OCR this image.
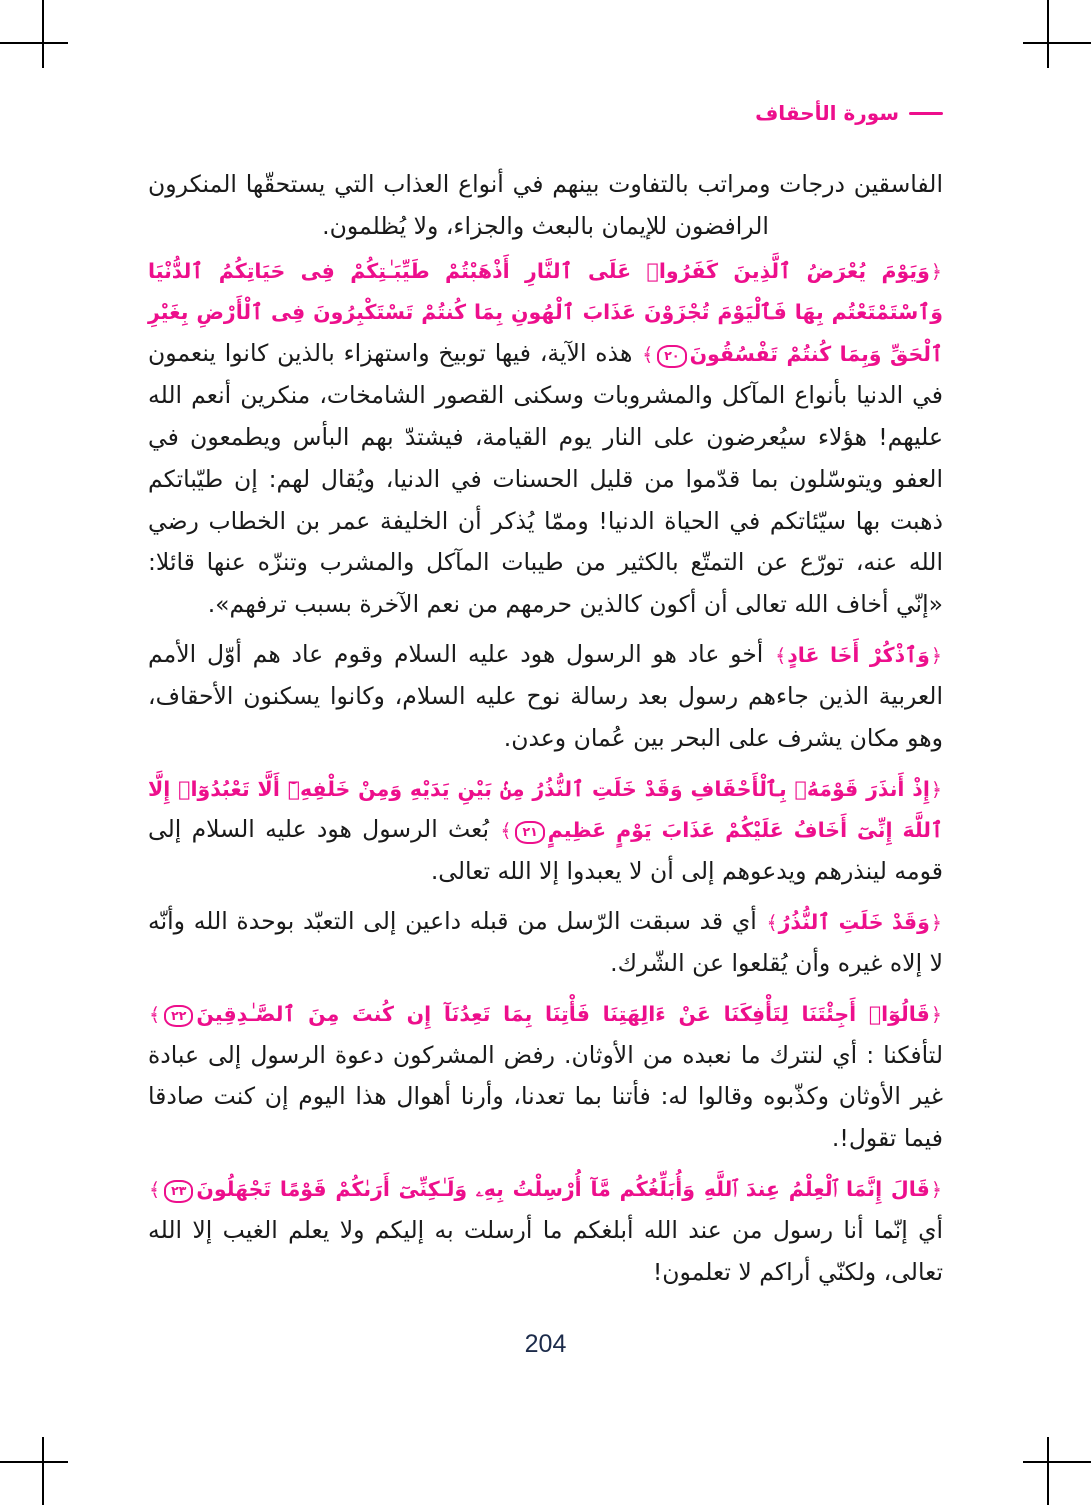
سورة الأحقاف

الفاسقين درجات ومراتب بالتفاوت بينهم في أنواع العذاب التي يستحقّها المنكرون الرافضون للإيمان بالبعث والجزاء، ولا يُظلمون.

﴿وَيَوْمَ يُعْرَضُ ٱلَّذِينَ كَفَرُوا۟ عَلَى ٱلنَّارِ أَذْهَبْتُمْ طَيِّبَـٰتِكُمْ فِى حَيَاتِكُمُ ٱلدُّنْيَا وَٱسْتَمْتَعْتُم بِهَا فَٱلْيَوْمَ تُجْزَوْنَ عَذَابَ ٱلْهُونِ بِمَا كُنتُمْ تَسْتَكْبِرُونَ فِى ٱلْأَرْضِ بِغَيْرِ ٱلْحَقِّ وَبِمَا كُنتُمْ تَفْسُقُونَ٢٠﴾ هذه الآية، فيها توبيخ واستهزاء بالذين كانوا ينعمون في الدنيا بأنواع المآكل والمشروبات وسكنى القصور الشامخات، منكرين أنعم الله عليهم! هؤلاء سيُعرضون على النار يوم القيامة، فيشتدّ بهم البأس ويطمعون في العفو ويتوسّلون بما قدّموا من قليل الحسنات في الدنيا، ويُقال لهم: إن طيّباتكم ذهبت بها سيّئاتكم في الحياة الدنيا! وممّا يُذكر أن الخليفة عمر بن الخطاب رضي الله عنه، تورّع عن التمتّع بالكثير من طيبات المآكل والمشرب وتنزّه عنها قائلا: «إنّي أخاف الله تعالى أن أكون كالذين حرمهم من نعم الآخرة بسبب ترفهم».

﴿وَٱذْكُرْ أَخَا عَادٍ﴾ أخو عاد هو الرسول هود عليه السلام وقوم عاد هم أوّل الأمم العربية الذين جاءهم رسول بعد رسالة نوح عليه السلام، وكانوا يسكنون الأحقاف، وهو مكان يشرف على البحر بين عُمان وعدن.

﴿إِذْ أَنذَرَ قَوْمَهُۥ بِٱلْأَحْقَافِ وَقَدْ خَلَتِ ٱلنُّذُرُ مِنۢ بَيْنِ يَدَيْهِ وَمِنْ خَلْفِهِۦٓ أَلَّا تَعْبُدُوٓا۟ إِلَّا ٱللَّهَ إِنِّىٓ أَخَافُ عَلَيْكُمْ عَذَابَ يَوْمٍ عَظِيمٍ٢١﴾ بُعث الرسول هود عليه السلام إلى قومه لينذرهم ويدعوهم إلى أن لا يعبدوا إلا الله تعالى.

﴿وَقَدْ خَلَتِ ٱلنُّذُرُ﴾ أي قد سبقت الرّسل من قبله داعين إلى التعبّد بوحدة الله وأنّه لا إلاه غيره وأن يُقلعوا عن الشّرك.

﴿قَالُوٓا۟ أَجِئْتَنَا لِتَأْفِكَنَا عَنْ ءَالِهَتِنَا فَأْتِنَا بِمَا تَعِدُنَآ إِن كُنتَ مِنَ ٱلصَّـٰدِقِينَ٢٢﴾ لتأفكنا : أي لنترك ما نعبده من الأوثان. رفض المشركون دعوة الرسول إلى عبادة غير الأوثان وكذّبوه وقالوا له: فأتنا بما تعدنا، وأرنا أهوال هذا اليوم إن كنت صادقا فيما تقول!.

﴿قَالَ إِنَّمَا ٱلْعِلْمُ عِندَ ٱللَّهِ وَأُبَلِّغُكُم مَّآ أُرْسِلْتُ بِهِۦ وَلَـٰكِنِّىٓ أَرَىٰكُمْ قَوْمًا تَجْهَلُونَ٢٣﴾ أي إنّما أنا رسول من عند الله أبلغكم ما أرسلت به إليكم ولا يعلم الغيب إلا الله تعالى، ولكنّي أراكم لا تعلمون!

204
